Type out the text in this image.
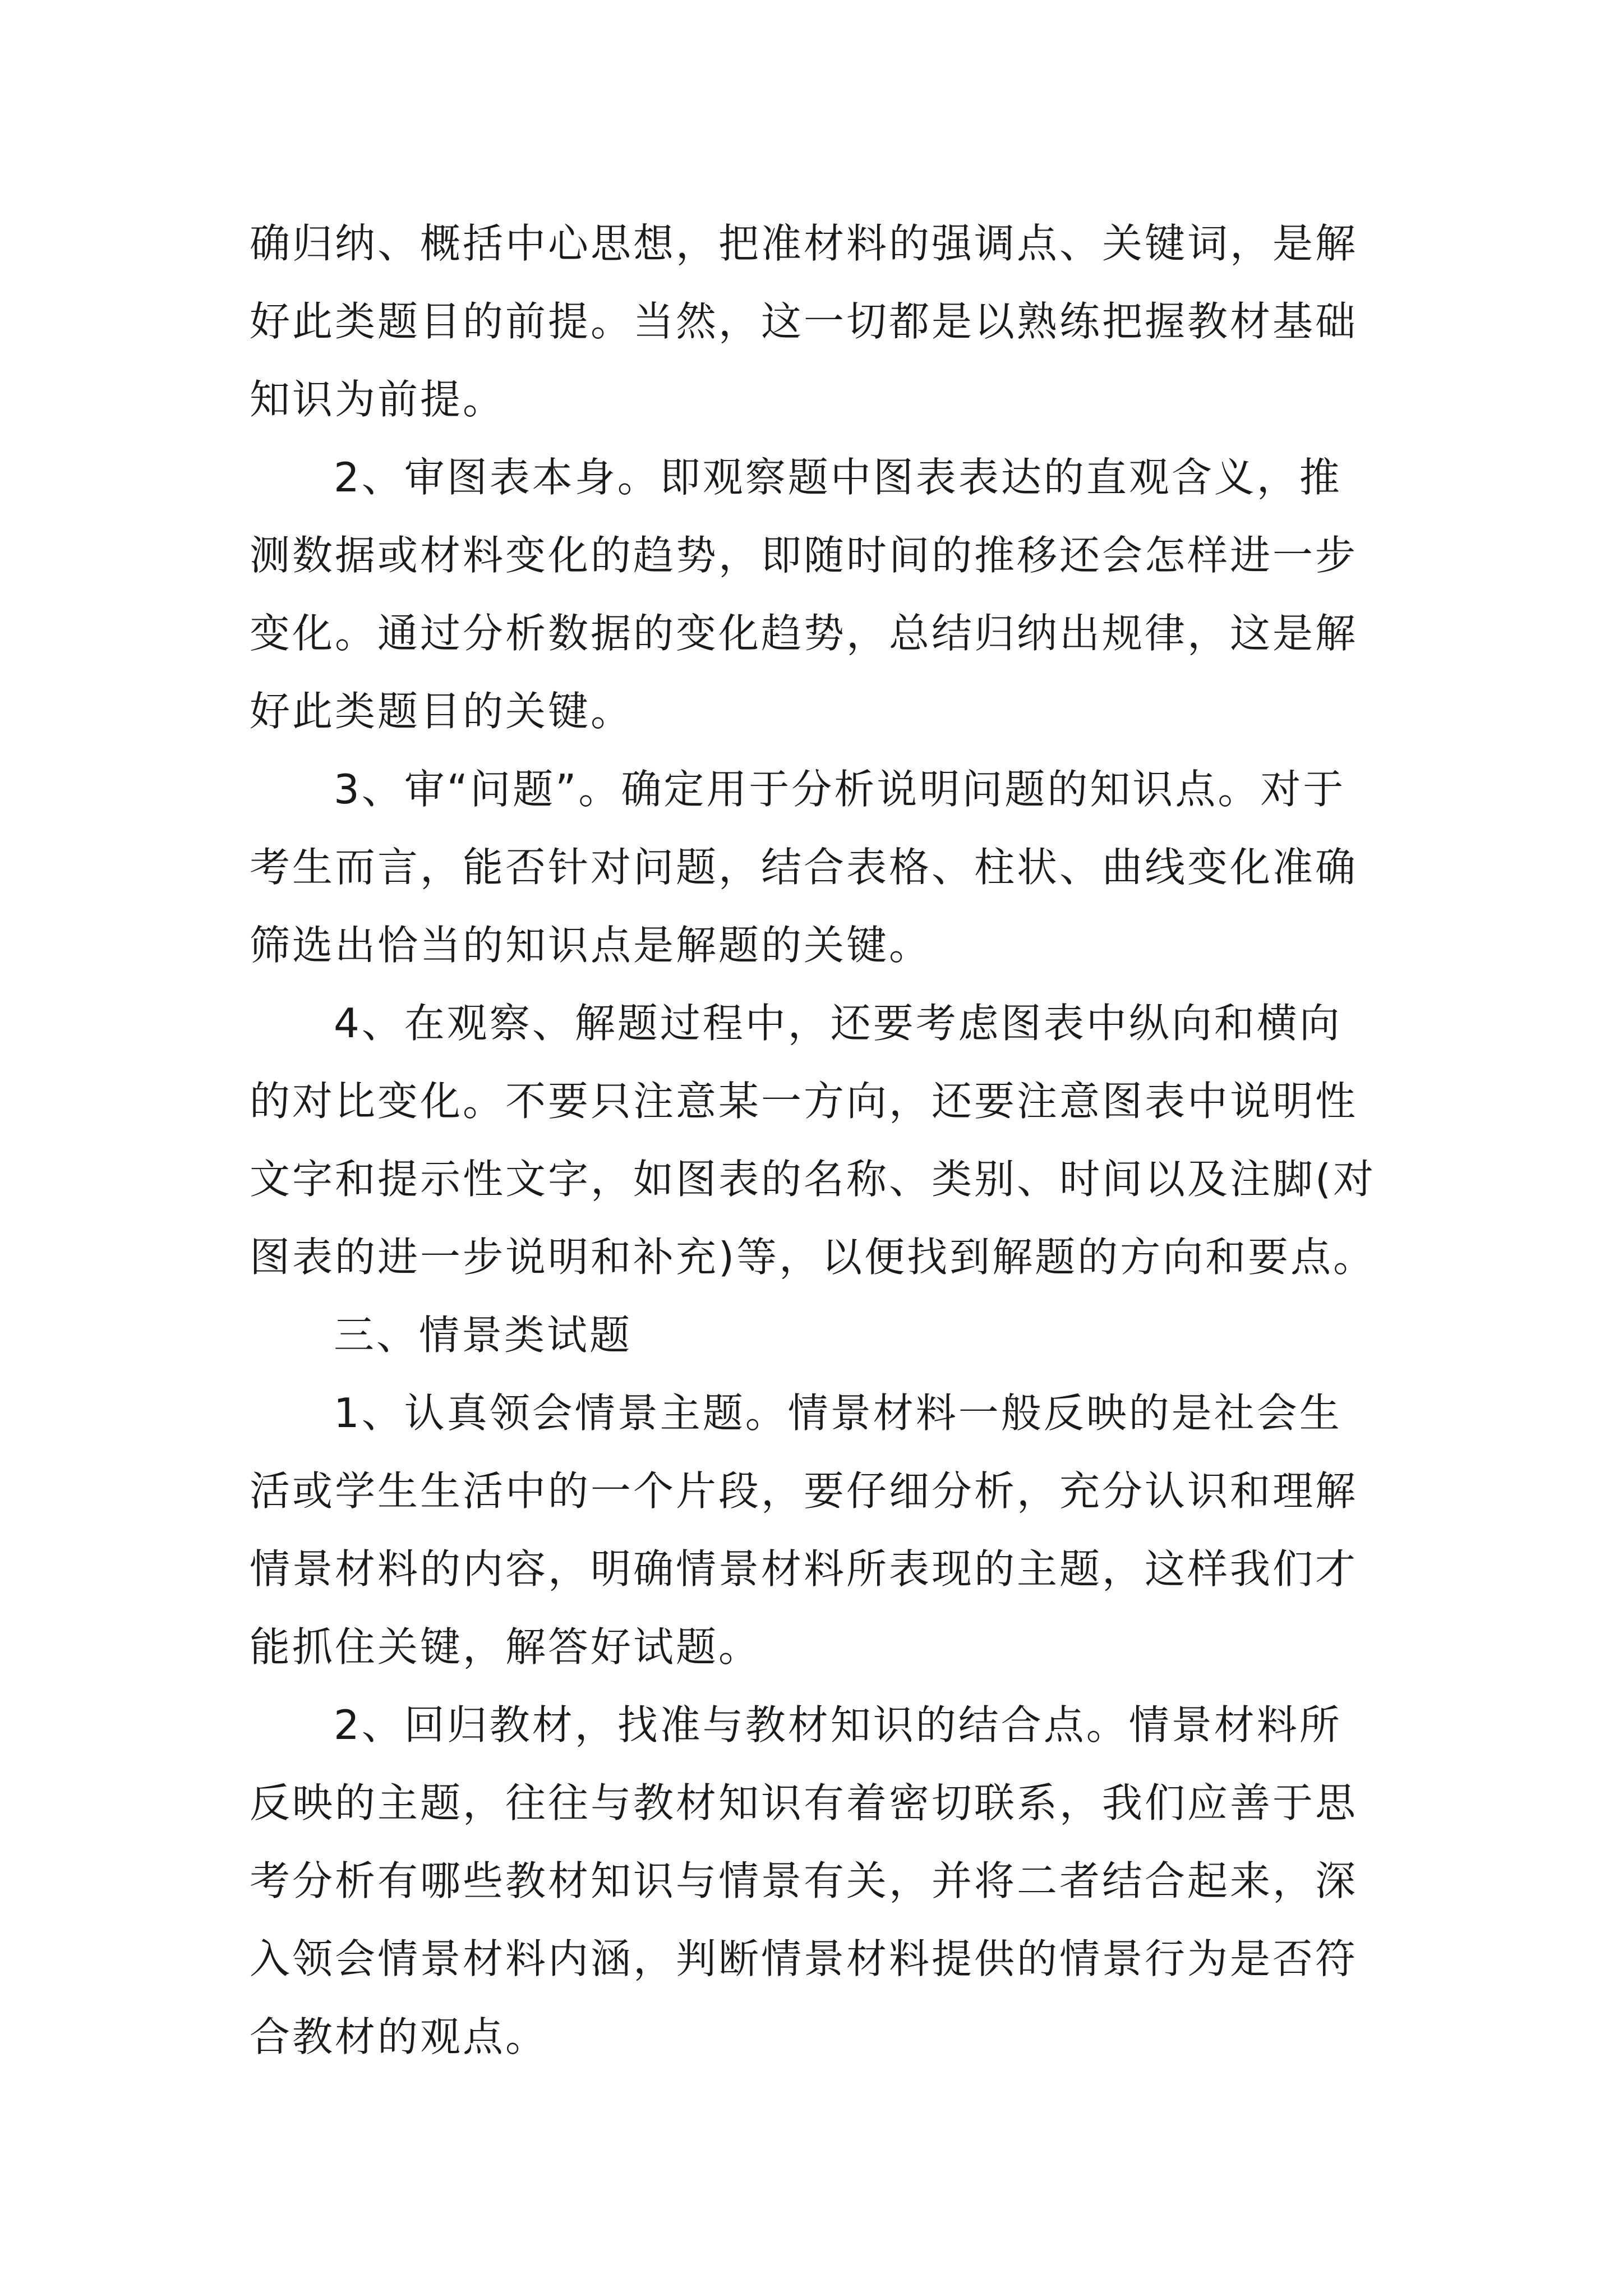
确归纳、概括中心思想，把准材料的强调点、关键词，是解
好此类题目的前提。当然，这一切都是以熟练把握教材基础
知识为前提。
2、审图表本身。即观察题中图表表达的直观含义，推
测数据或材料变化的趋势，即随时间的推移还会怎样进一步
变化。通过分析数据的变化趋势，总结归纳出规律，这是解
好此类题目的关键。
3、审“问题”。确定用于分析说明问题的知识点。对于
考生而言，能否针对问题，结合表格、柱状、曲线变化准确
筛选出恰当的知识点是解题的关键。
4、在观察、解题过程中，还要考虑图表中纵向和横向
的对比变化。不要只注意某一方向，还要注意图表中说明性
文字和提示性文字，如图表的名称、类别、时间以及注脚(对
图表的进一步说明和补充)等，以便找到解题的方向和要点。
三、情景类试题
1、认真领会情景主题。情景材料一般反映的是社会生
活或学生生活中的一个片段，要仔细分析，充分认识和理解
情景材料的内容，明确情景材料所表现的主题，这样我们才
能抓住关键，解答好试题。
2、回归教材，找准与教材知识的结合点。情景材料所
反映的主题，往往与教材知识有着密切联系，我们应善于思
考分析有哪些教材知识与情景有关，并将二者结合起来，深
入领会情景材料内涵，判断情景材料提供的情景行为是否符
合教材的观点。
